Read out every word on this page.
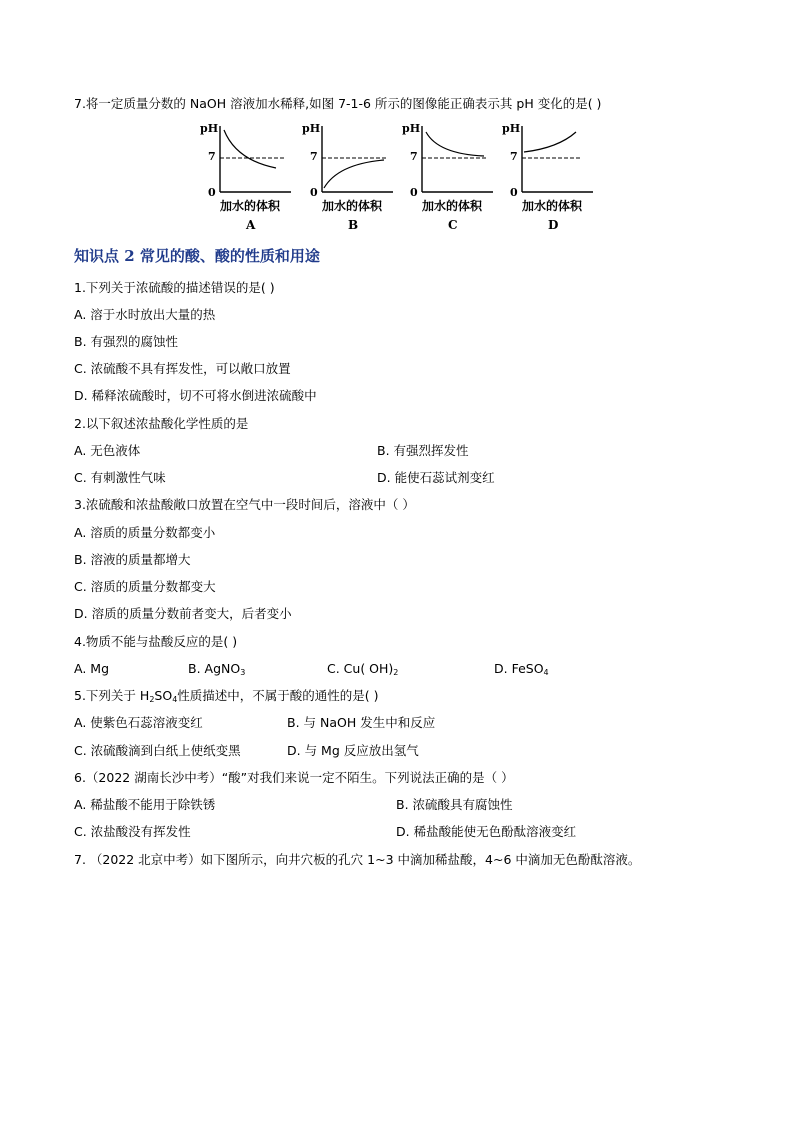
7.将一定质量分数的 NaOH 溶液加水稀释,如图 7-1-6 所示的图像能正确表示其 pH 变化的是( )
pH
7
0
加水的体积
A
pH
7
0
加水的体积
B
pH
7
0
加水的体积
C
pH
7
0
加水的体积
D
知识点 2 常见的酸、酸的性质和用途
1.下列关于浓硫酸的描述错误的是( )
A. 溶于水时放出大量的热
B. 有强烈的腐蚀性
C. 浓硫酸不具有挥发性，可以敞口放置
D. 稀释浓硫酸时，切不可将水倒进浓硫酸中
2.以下叙述浓盐酸化学性质的是
A. 无色液体	B. 有强烈挥发性
C. 有刺激性气味	D. 能使石蕊试剂变红
3.浓硫酸和浓盐酸敞口放置在空气中一段时间后，溶液中（ ）
A. 溶质的质量分数都变小
B. 溶液的质量都增大
C. 溶质的质量分数都变大
D. 溶质的质量分数前者变大，后者变小
4.物质不能与盐酸反应的是( )
A. Mg	B. AgNO$_3$	C. Cu( $OH)_2$	D. FeSO$_4$
5.下列关于 $H_2SO_4$性质描述中，不属于酸的通性的是( )
A. 使紫色石蕊溶液变红	B. 与 NaOH 发生中和反应
C. 浓硫酸滴到白纸上使纸变黑	D. 与 Mg 反应放出氢气
6.（2022 湖南长沙中考）“酸”对我们来说一定不陌生。下列说法正确的是（ ）
A. 稀盐酸不能用于除铁锈	B. 浓硫酸具有腐蚀性
C. 浓盐酸没有挥发性	D. 稀盐酸能使无色酚酞溶液变红
7. （2022 北京中考）如下图所示，向井穴板的孔穴 1~3 中滴加稀盐酸，4~6 中滴加无色酚酞溶液。
